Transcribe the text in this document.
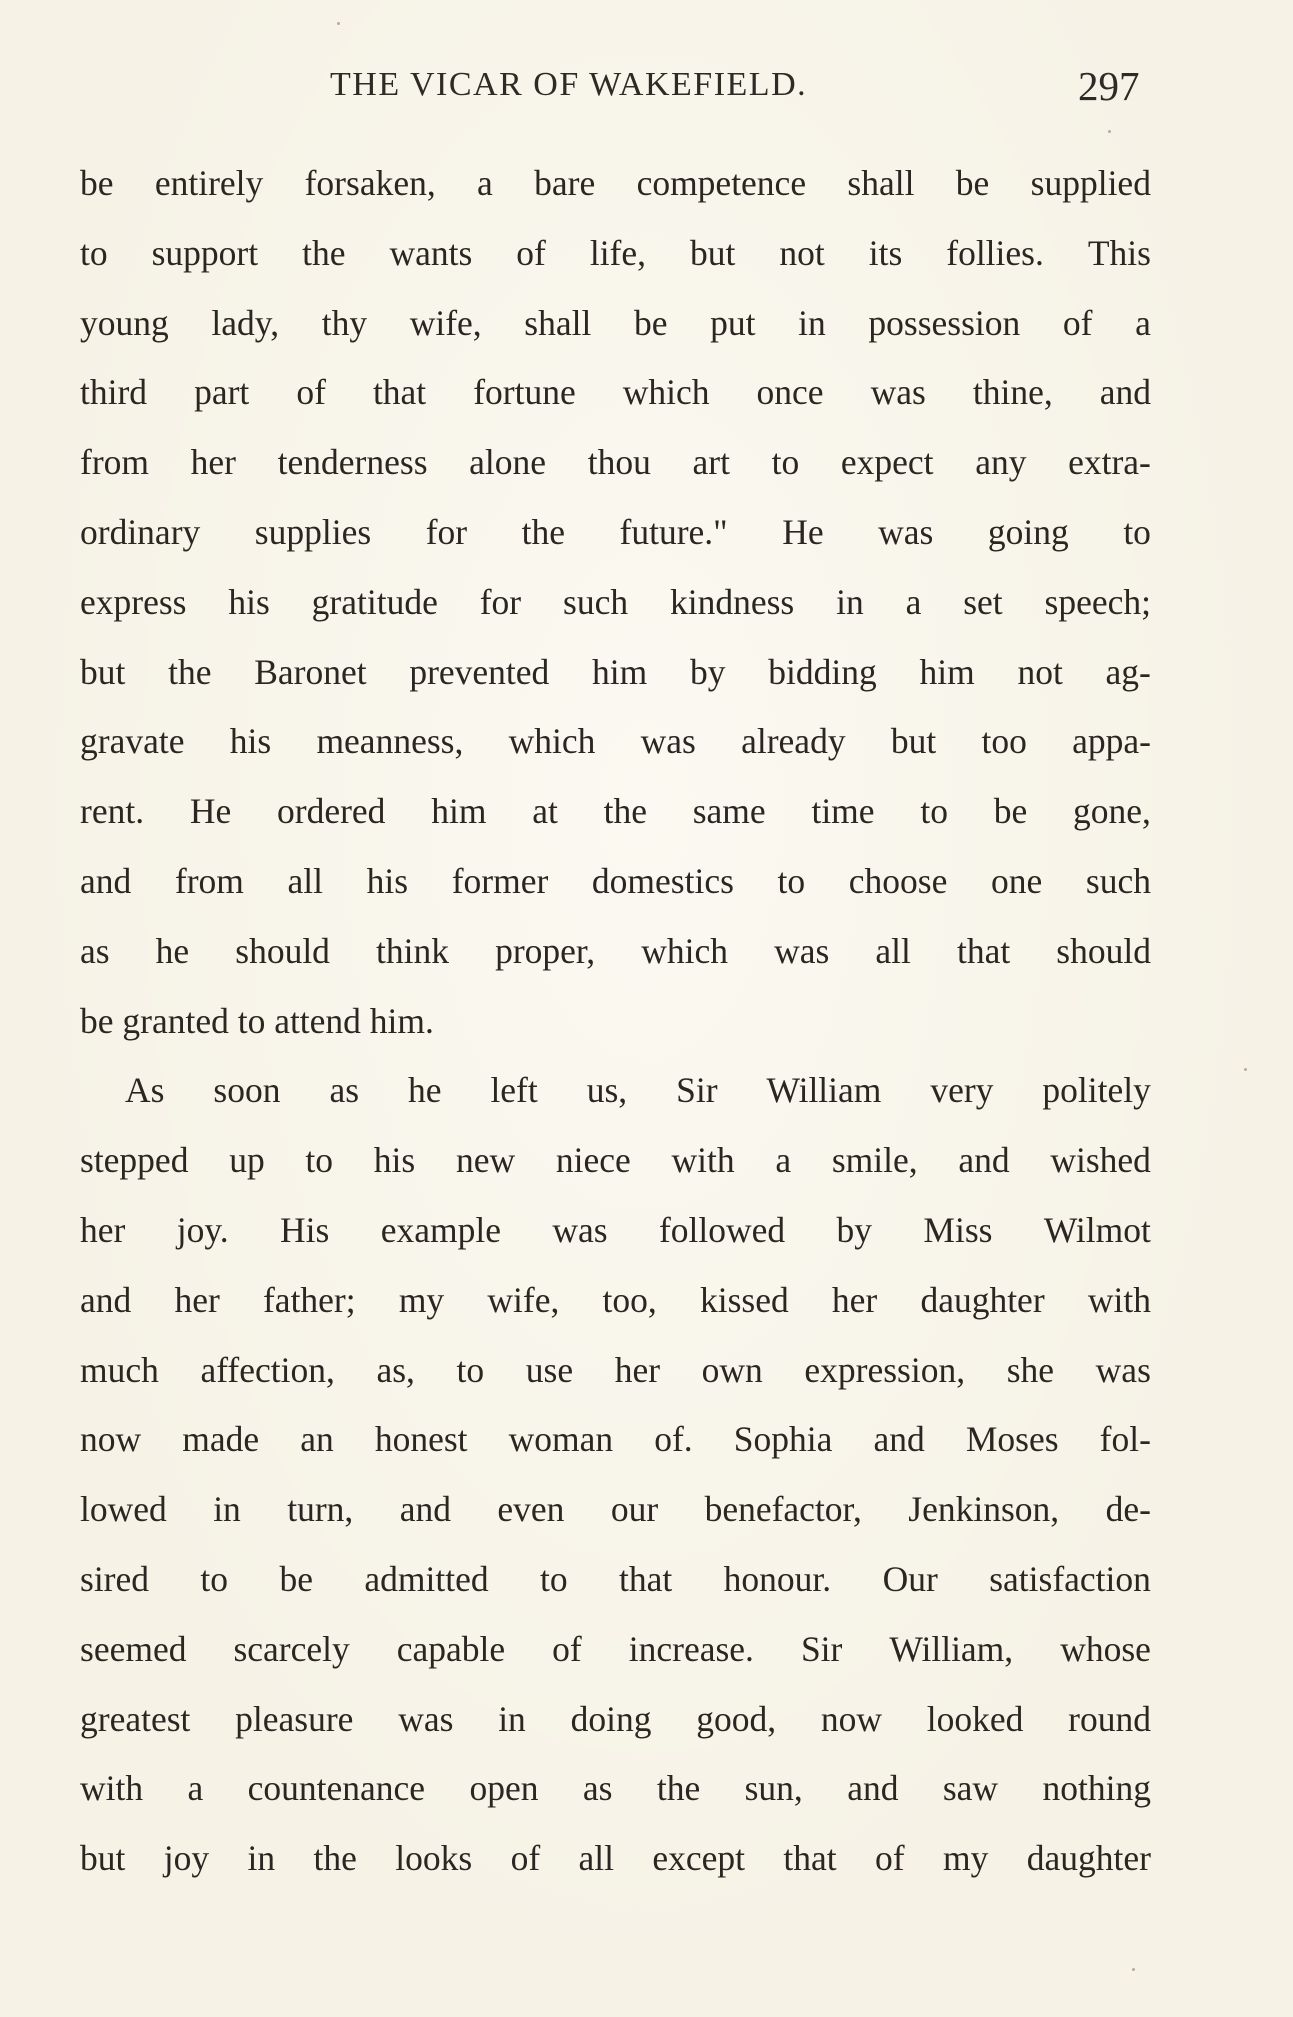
THE VICAR OF WAKEFIELD.	297
be entirely forsaken, a bare competence shall be supplied
to support the wants of life, but not its follies. This
young lady, thy wife, shall be put in possession of a
third part of that fortune which once was thine, and
from her tenderness alone thou art to expect any extra-
ordinary supplies for the future." He was going to
express his gratitude for such kindness in a set speech;
but the Baronet prevented him by bidding him not ag-
gravate his meanness, which was already but too appa-
rent. He ordered him at the same time to be gone,
and from all his former domestics to choose one such
as he should think proper, which was all that should
be granted to attend him.
As soon as he left us, Sir William very politely
stepped up to his new niece with a smile, and wished
her joy. His example was followed by Miss Wilmot
and her father; my wife, too, kissed her daughter with
much affection, as, to use her own expression, she was
now made an honest woman of. Sophia and Moses fol-
lowed in turn, and even our benefactor, Jenkinson, de-
sired to be admitted to that honour. Our satisfaction
seemed scarcely capable of increase. Sir William, whose
greatest pleasure was in doing good, now looked round
with a countenance open as the sun, and saw nothing
but joy in the looks of all except that of my daughter
